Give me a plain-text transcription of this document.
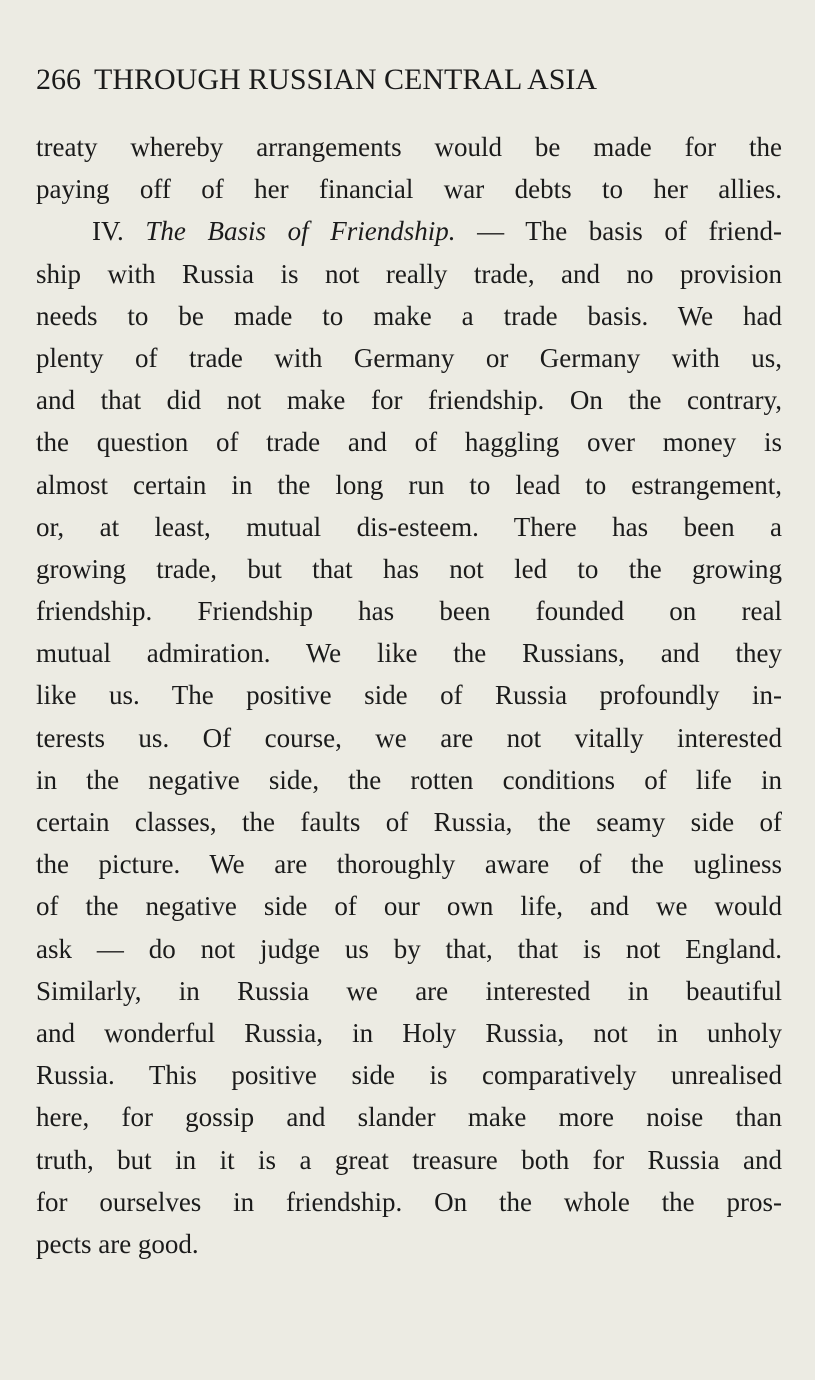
266 THROUGH RUSSIAN CENTRAL ASIA
treaty whereby arrangements would be made for the
paying off of her financial war debts to her allies.
IV. The Basis of Friendship. — The basis of friend-
ship with Russia is not really trade, and no provision
needs to be made to make a trade basis. We had
plenty of trade with Germany or Germany with us,
and that did not make for friendship. On the contrary,
the question of trade and of haggling over money is
almost certain in the long run to lead to estrangement,
or, at least, mutual dis-esteem. There has been a
growing trade, but that has not led to the growing
friendship. Friendship has been founded on real
mutual admiration. We like the Russians, and they
like us. The positive side of Russia profoundly in-
terests us. Of course, we are not vitally interested
in the negative side, the rotten conditions of life in
certain classes, the faults of Russia, the seamy side of
the picture. We are thoroughly aware of the ugliness
of the negative side of our own life, and we would
ask — do not judge us by that, that is not England.
Similarly, in Russia we are interested in beautiful
and wonderful Russia, in Holy Russia, not in unholy
Russia. This positive side is comparatively unrealised
here, for gossip and slander make more noise than
truth, but in it is a great treasure both for Russia and
for ourselves in friendship. On the whole the pros-
pects are good.
